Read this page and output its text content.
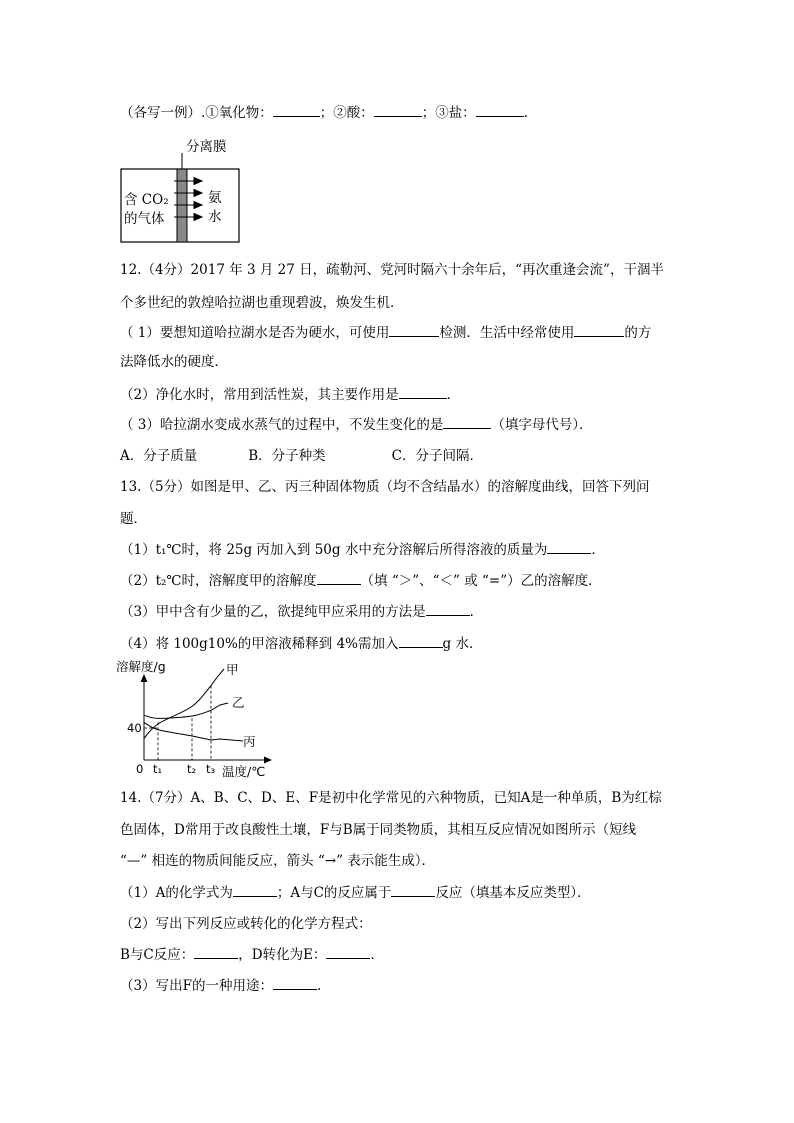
（各写一例）.①氧化物：	；②酸：	；③盐：	.
分离膜
含 CO₂
的气体
氨
水
12.（4分）2017 年 3 月 27 日，疏勒河、党河时隔六十余年后，“再次重逢会流”，干涸半
个多世纪的敦煌哈拉湖也重现碧波，焕发生机．
（ 1）要想知道哈拉湖水是否为硬水，可使用	检测．生活中经常使用	的方
法降低水的硬度．
（2）净化水时，常用到活性炭，其主要作用是	．
（ 3）哈拉湖水变成水蒸气的过程中，不发生变化的是	（填字母代号）．
A．分子质量	B．分子种类	C．分子间隔．
13.（5分）如图是甲、乙、丙三种固体物质（均不含结晶水）的溶解度曲线，回答下列问
题．
（1）t₁℃时，将 25g 丙加入到 50g 水中充分溶解后所得溶液的质量为	．
（2）t₂℃时，溶解度甲的溶解度	（填 “＞”、“＜” 或 “=”）乙的溶解度．
（3）甲中含有少量的乙，欲提纯甲应采用的方法是	．
（4）将 100g10%的甲溶液稀释到 4%需加入	g 水．
甲
乙
丙
溶解度/g
温度/℃
0 t₁ t₂ t₃
40
14.（7分）A、B、C、D、E、F是初中化学常见的六种物质，已知A是一种单质，B为红棕
色固体，D常用于改良酸性土壤，F与B属于同类物质，其相互反应情况如图所示（短线
“—” 相连的物质间能反应，箭头 “→” 表示能生成）．
（1）A的化学式为	；A与C的反应属于	反应（填基本反应类型）．
（2）写出下列反应或转化的化学方程式：
B与C反应：	，D转化为E：	．
（3）写出F的一种用途：	.
